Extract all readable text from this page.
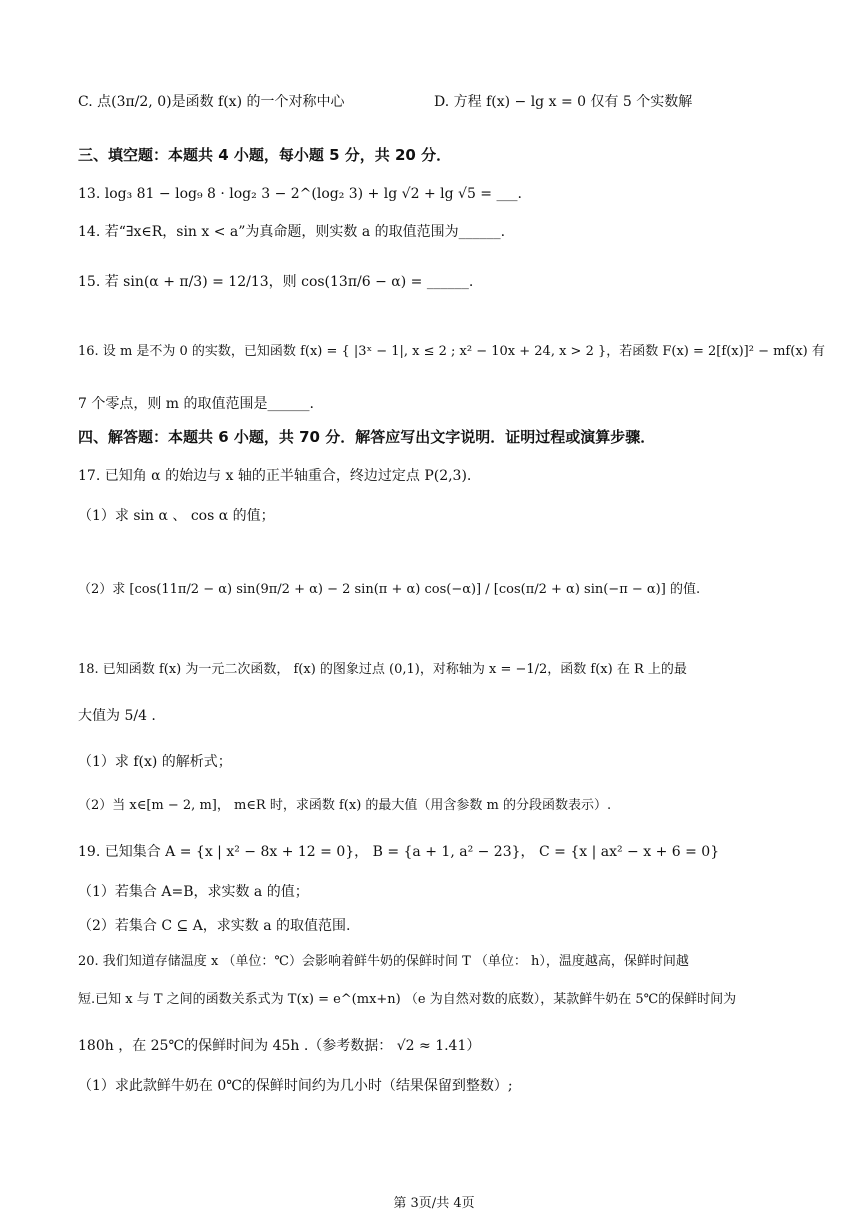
C. 点(3π/2, 0)是函数 f(x) 的一个对称中心	D. 方程 f(x) − lg x = 0 仅有 5 个实数解
三、填空题：本题共 4 小题，每小题 5 分，共 20 分．
13. log₃ 81 − log₉ 8 · log₂ 3 − 2^(log₂ 3) + lg √2 + lg √5 = ___.
14. 若“∃x∈R，sin x < a”为真命题，则实数 a 的取值范围为______.
15. 若 sin(α + π/3) = 12/13，则 cos(13π/6 − α) = ______.
16. 设 m 是不为 0 的实数，已知函数 f(x) = { |3ˣ − 1|, x ≤ 2 ; x² − 10x + 24, x > 2 }，若函数 F(x) = 2[f(x)]² − mf(x) 有
7 个零点，则 m 的取值范围是______.
四、解答题：本题共 6 小题，共 70 分．解答应写出文字说明．证明过程或演算步骤．
17. 已知角 α 的始边与 x 轴的正半轴重合，终边过定点 P(2,3).
（1）求 sin α 、 cos α 的值；
（2）求 [cos(11π/2 − α) sin(9π/2 + α) − 2 sin(π + α) cos(−α)] / [cos(π/2 + α) sin(−π − α)] 的值.
18. 已知函数 f(x) 为一元二次函数， f(x) 的图象过点 (0,1)，对称轴为 x = −1/2，函数 f(x) 在 R 上的最
大值为 5/4 .
（1）求 f(x) 的解析式；
（2）当 x∈[m − 2, m]， m∈R 时，求函数 f(x) 的最大值（用含参数 m 的分段函数表示）.
19. 已知集合 A = {x | x² − 8x + 12 = 0}， B = {a + 1, a² − 23}， C = {x | ax² − x + 6 = 0}
（1）若集合 A=B，求实数 a 的值；
（2）若集合 C ⊆ A，求实数 a 的取值范围.
20. 我们知道存储温度 x （单位：℃）会影响着鲜牛奶的保鲜时间 T （单位： h），温度越高，保鲜时间越
短.已知 x 与 T 之间的函数关系式为 T(x) = e^(mx+n) （e 为自然对数的底数），某款鲜牛奶在 5℃的保鲜时间为
180h ，在 25℃的保鲜时间为 45h .（参考数据： √2 ≈ 1.41）
（1）求此款鲜牛奶在 0℃的保鲜时间约为几小时（结果保留到整数）;
第 3页/共 4页
